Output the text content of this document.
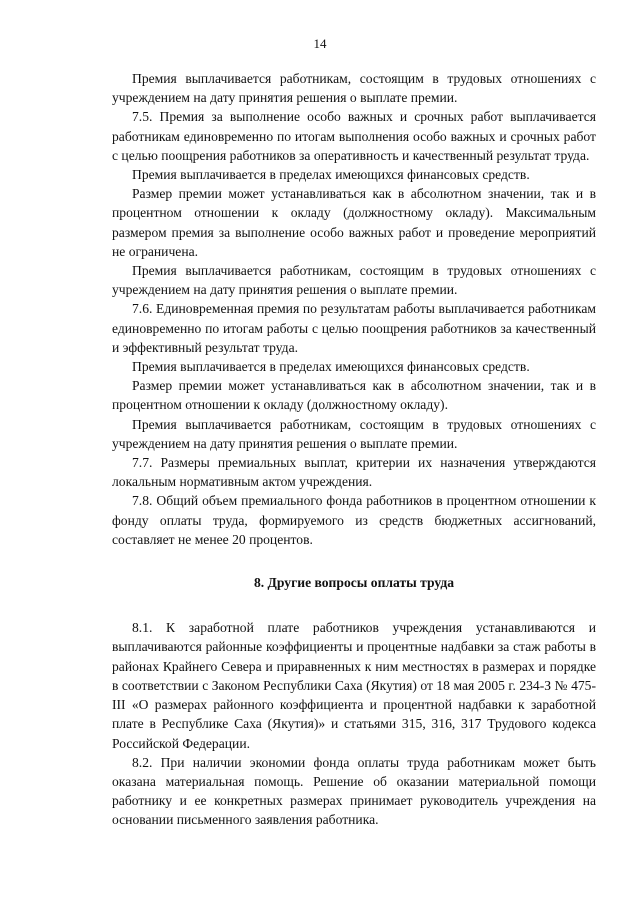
14

Премия выплачивается работникам, состоящим в трудовых отношениях с учреждением на дату принятия решения о выплате премии.

7.5. Премия за выполнение особо важных и срочных работ выплачивается работникам единовременно по итогам выполнения особо важных и срочных работ с целью поощрения работников за оперативность и качественный результат труда.

Премия выплачивается в пределах имеющихся финансовых средств.

Размер премии может устанавливаться как в абсолютном значении, так и в процентном отношении к окладу (должностному окладу). Максимальным размером премия за выполнение особо важных работ и проведение мероприятий не ограничена.

Премия выплачивается работникам, состоящим в трудовых отношениях с учреждением на дату принятия решения о выплате премии.

7.6. Единовременная премия по результатам работы выплачивается работникам единовременно по итогам работы с целью поощрения работников за качественный и эффективный результат труда.

Премия выплачивается в пределах имеющихся финансовых средств.

Размер премии может устанавливаться как в абсолютном значении, так и в процентном отношении к окладу (должностному окладу).

Премия выплачивается работникам, состоящим в трудовых отношениях с учреждением на дату принятия решения о выплате премии.

7.7. Размеры премиальных выплат, критерии их назначения утверждаются локальным нормативным актом учреждения.

7.8. Общий объем премиального фонда работников в процентном отношении к фонду оплаты труда, формируемого из средств бюджетных ассигнований, составляет не менее 20 процентов.

8. Другие вопросы оплаты труда

8.1. К заработной плате работников учреждения устанавливаются и выплачиваются районные коэффициенты и процентные надбавки за стаж работы в районах Крайнего Севера и приравненных к ним местностях в размерах и порядке в соответствии с Законом Республики Саха (Якутия) от 18 мая 2005 г. 234-З № 475-III «О размерах районного коэффициента и процентной надбавки к заработной плате в Республике Саха (Якутия)» и статьями 315, 316, 317 Трудового кодекса Российской Федерации.

8.2. При наличии экономии фонда оплаты труда работникам может быть оказана материальная помощь. Решение об оказании материальной помощи работнику и ее конкретных размерах принимает руководитель учреждения на основании письменного заявления работника.
